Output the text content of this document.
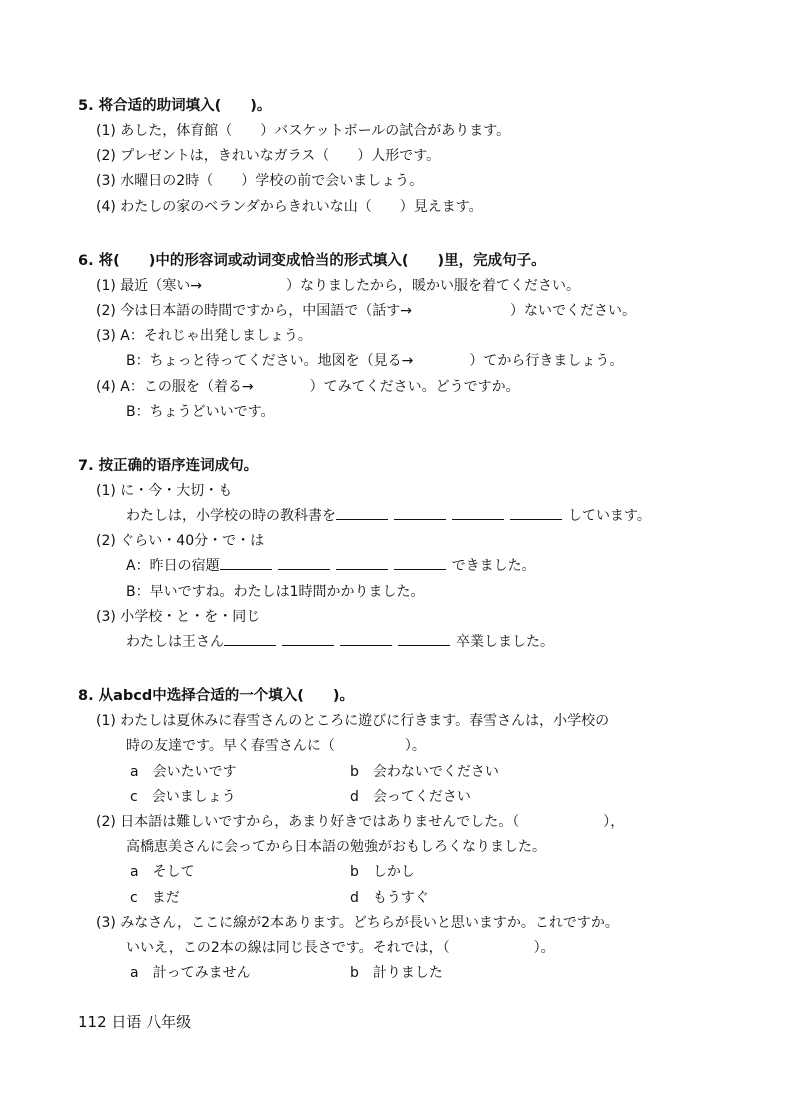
5. 将合适的助词填入(　　)。
(1) あした，体育館（　　）バスケットボールの試合があります。
(2) プレゼントは，きれいなガラス（　　）人形です。
(3) 水曜日の2時（　　）学校の前で会いましょう。
(4) わたしの家のベランダからきれいな山（　　）見えます。
6. 将(　　)中的形容词或动词变成恰当的形式填入(　　)里，完成句子。
(1) 最近（寒い→　　　　　　）なりましたから，暖かい服を着てください。
(2) 今は日本語の時間ですから，中国語で（話す→　　　　　　　）ないでください。
(3) A：それじゃ出発しましょう。
B：ちょっと待ってください。地図を（見る→　　　　）てから行きましょう。
(4) A：この服を（着る→　　　　）てみてください。どうですか。
B：ちょうどいいです。
7. 按正确的语序连词成句。
(1) に・今・大切・も
わたしは，小学校の時の教科書を	しています。
(2) ぐらい・40分・で・は
A：昨日の宿題	できました。
B：早いですね。わたしは1時間かかりました。
(3) 小学校・と・を・同じ
わたしは王さん	卒業しました。
8. 从abcd中选择合适的一个填入(　　)。
(1) わたしは夏休みに春雪さんのところに遊びに行きます。春雪さんは，小学校の
時の友達です。早く春雪さんに（　　　　　）。
a　会いたいです	b　会わないでください
c　会いましょう	d　会ってください
(2) 日本語は難しいですから，あまり好きではありませんでした。（　　　　　　），
高橋恵美さんに会ってから日本語の勉強がおもしろくなりました。
a　そして	b　しかし
c　まだ	d　もうすぐ
(3) みなさん，ここに線が2本あります。どちらが長いと思いますか。これですか。
いいえ，この2本の線は同じ長さです。それでは，（　　　　　　）。
a　計ってみません	b　計りました
112 日语 八年级
